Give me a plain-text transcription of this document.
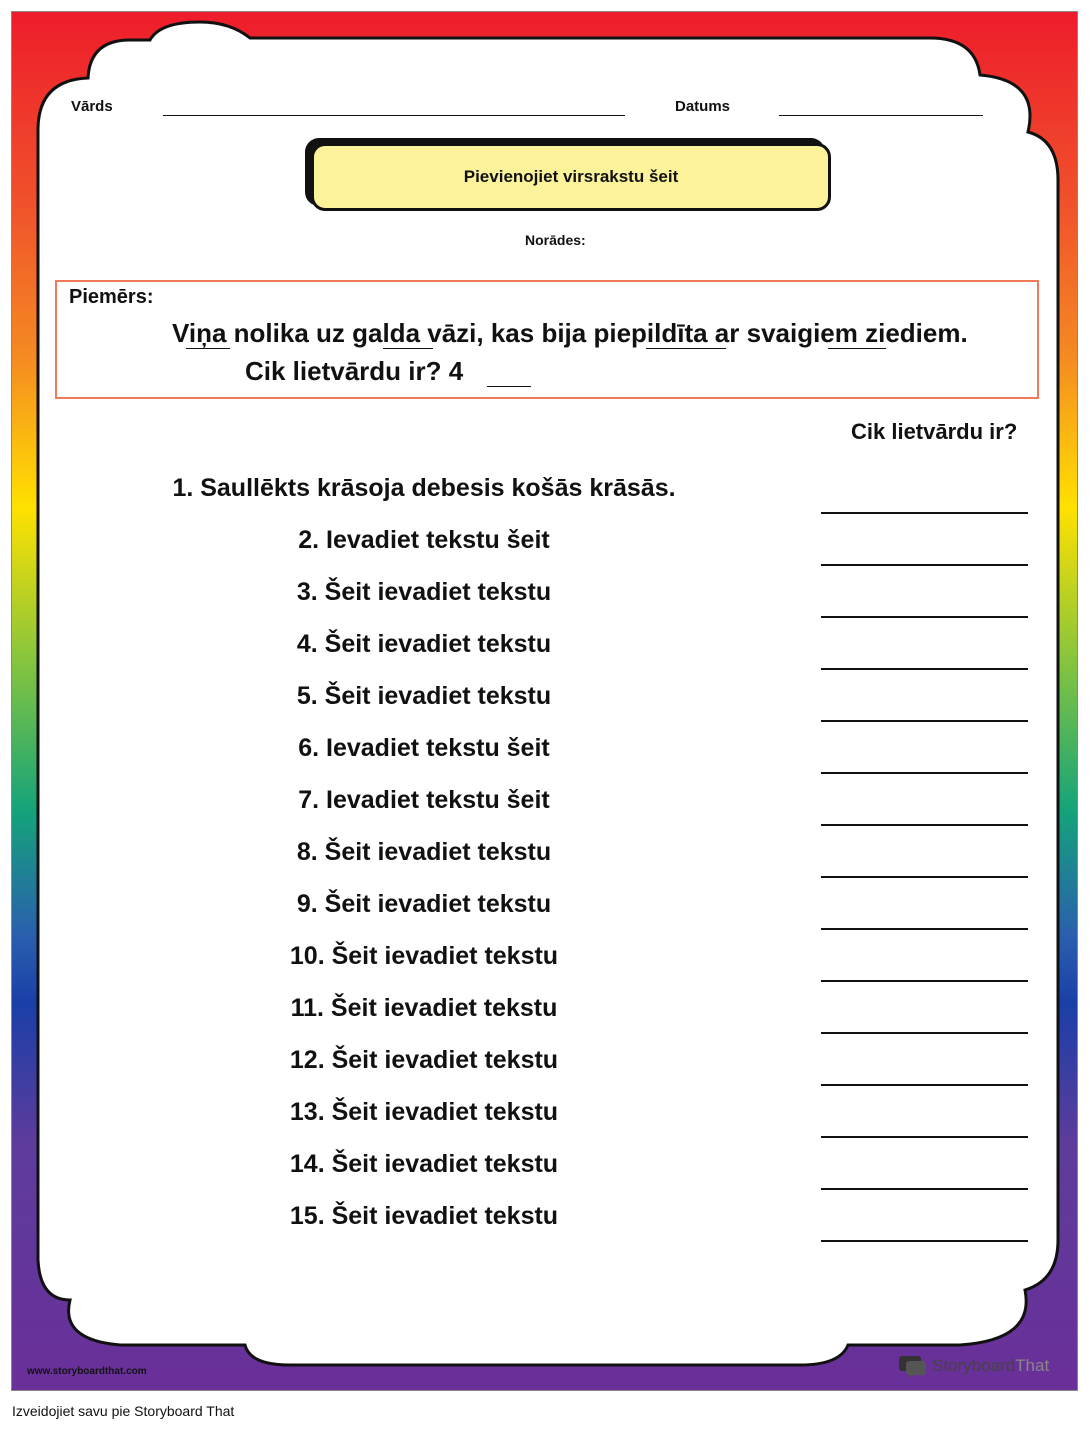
Vārds	Datums
Pievienojiet virsrakstu šeit
Norādes:
Piemērs:
Viņa nolika uz galda vāzi, kas bija piepildīta ar svaigiem ziediem.
Cik lietvārdu ir? 4
Cik lietvārdu ir?
1. Saullēkts krāsoja debesis košās krāsās.
2. Ievadiet tekstu šeit
3. Šeit ievadiet tekstu
4. Šeit ievadiet tekstu
5. Šeit ievadiet tekstu
6. Ievadiet tekstu šeit
7. Ievadiet tekstu šeit
8. Šeit ievadiet tekstu
9. Šeit ievadiet tekstu
10. Šeit ievadiet tekstu
11. Šeit ievadiet tekstu
12. Šeit ievadiet tekstu
13. Šeit ievadiet tekstu
14. Šeit ievadiet tekstu
15. Šeit ievadiet tekstu
www.storyboardthat.com	StoryboardThat
Izveidojiet savu pie Storyboard That
